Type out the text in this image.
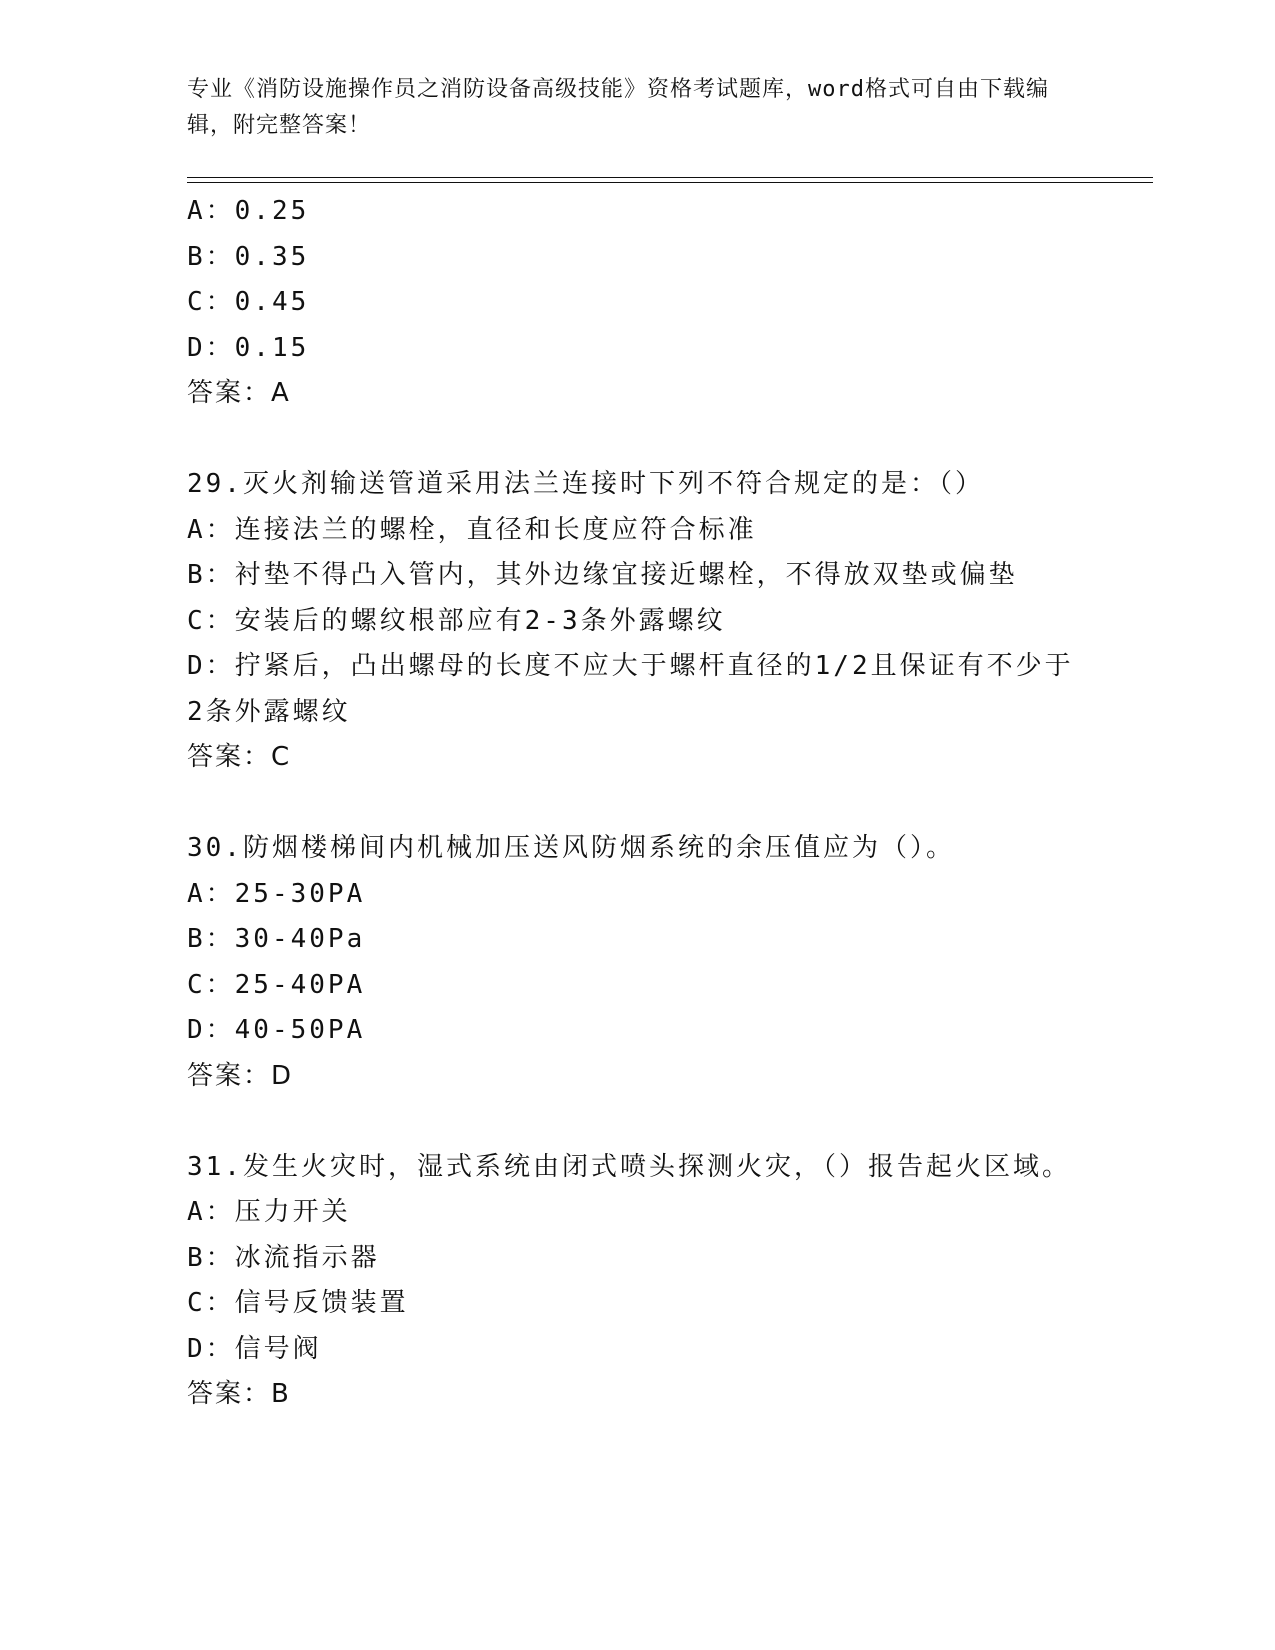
专业《消防设施操作员之消防设备高级技能》资格考试题库，word格式可自由下载编辑，附完整答案！
A：0.25
B：0.35
C：0.45
D：0.15
答案：A
29.灭火剂输送管道采用法兰连接时下列不符合规定的是：（）
A：连接法兰的螺栓，直径和长度应符合标准
B：衬垫不得凸入管内，其外边缘宜接近螺栓，不得放双垫或偏垫
C：安装后的螺纹根部应有2-3条外露螺纹
D：拧紧后，凸出螺母的长度不应大于螺杆直径的1/2且保证有不少于
2条外露螺纹
答案：C
30.防烟楼梯间内机械加压送风防烟系统的余压值应为（）。
A：25-30PA
B：30-40Pa
C：25-40PA
D：40-50PA
答案：D
31.发生火灾时，湿式系统由闭式喷头探测火灾，（）报告起火区域。
A：压力开关
B：冰流指示器
C：信号反馈装置
D：信号阀
答案：B
